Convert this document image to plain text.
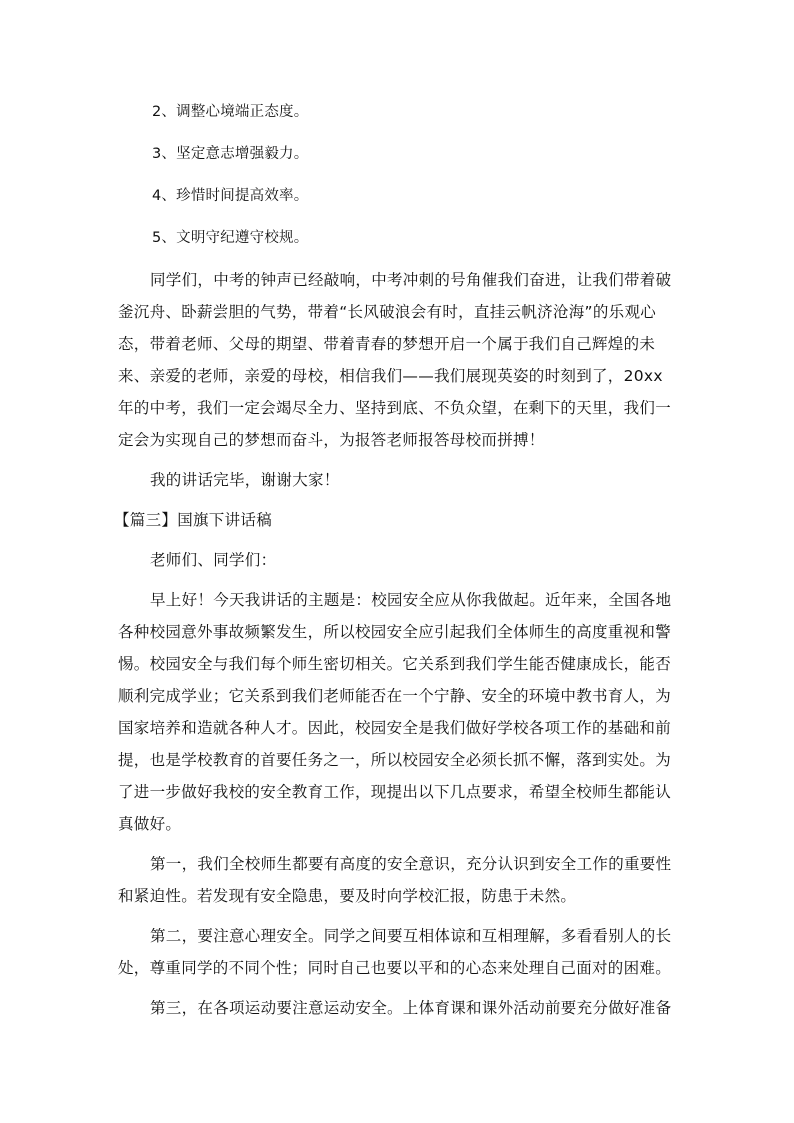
2、调整心境端正态度。
3、坚定意志增强毅力。
4、珍惜时间提高效率。
5、文明守纪遵守校规。

同学们，中考的钟声已经敲响，中考冲刺的号角催我们奋进，让我们带着破釜沉舟、卧薪尝胆的气势，带着“长风破浪会有时，直挂云帆济沧海”的乐观心态，带着老师、父母的期望、带着青春的梦想开启一个属于我们自己辉煌的未来、亲爱的老师，亲爱的母校，相信我们——我们展现英姿的时刻到了，20xx年的中考，我们一定会竭尽全力、坚持到底、不负众望，在剩下的天里，我们一定会为实现自己的梦想而奋斗，为报答老师报答母校而拼搏！

我的讲话完毕，谢谢大家！

【篇三】国旗下讲话稿

老师们、同学们：

早上好！今天我讲话的主题是：校园安全应从你我做起。近年来，全国各地各种校园意外事故频繁发生，所以校园安全应引起我们全体师生的高度重视和警惕。校园安全与我们每个师生密切相关。它关系到我们学生能否健康成长，能否顺利完成学业；它关系到我们老师能否在一个宁静、安全的环境中教书育人，为国家培养和造就各种人才。因此，校园安全是我们做好学校各项工作的基础和前提，也是学校教育的首要任务之一，所以校园安全必须长抓不懈，落到实处。为了进一步做好我校的安全教育工作，现提出以下几点要求，希望全校师生都能认真做好。

第一，我们全校师生都要有高度的安全意识，充分认识到安全工作的重要性和紧迫性。若发现有安全隐患，要及时向学校汇报，防患于未然。

第二，要注意心理安全。同学之间要互相体谅和互相理解，多看看别人的长处，尊重同学的不同个性；同时自己也要以平和的心态来处理自己面对的困难。

第三，在各项运动要注意运动安全。上体育课和课外活动前要充分做好准备
